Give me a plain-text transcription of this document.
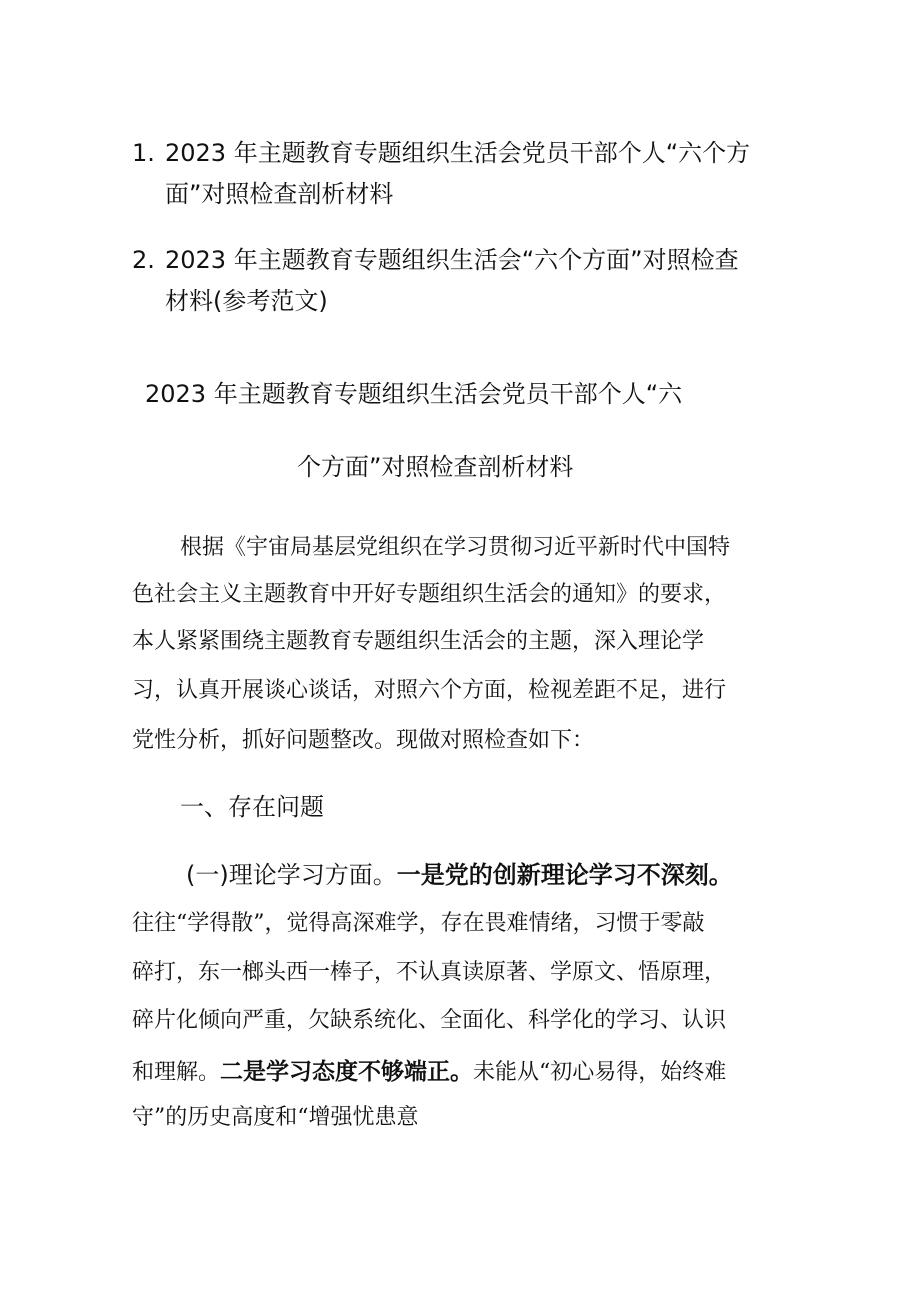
1. 2023 年主题教育专题组织生活会党员干部个人“六个方
面”对照检查剖析材料
2. 2023 年主题教育专题组织生活会“六个方面”对照检查
材料(参考范文)
2023 年主题教育专题组织生活会党员干部个人“六
个方面”对照检查剖析材料
根据《宇宙局基层党组织在学习贯彻习近平新时代中国特
色社会主义主题教育中开好专题组织生活会的通知》的要求，
本人紧紧围绕主题教育专题组织生活会的主题，深入理论学
习，认真开展谈心谈话，对照六个方面，检视差距不足，进行
党性分析，抓好问题整改。现做对照检查如下：
一、存在问题
(一)理论学习方面。一是党的创新理论学习不深刻。
往往“学得散”，觉得高深难学，存在畏难情绪，习惯于零敲
碎打，东一榔头西一棒子，不认真读原著、学原文、悟原理，
碎片化倾向严重，欠缺系统化、全面化、科学化的学习、认识
和理解。二是学习态度不够端正。未能从“初心易得，始终难
守”的历史高度和“增强忧患意
